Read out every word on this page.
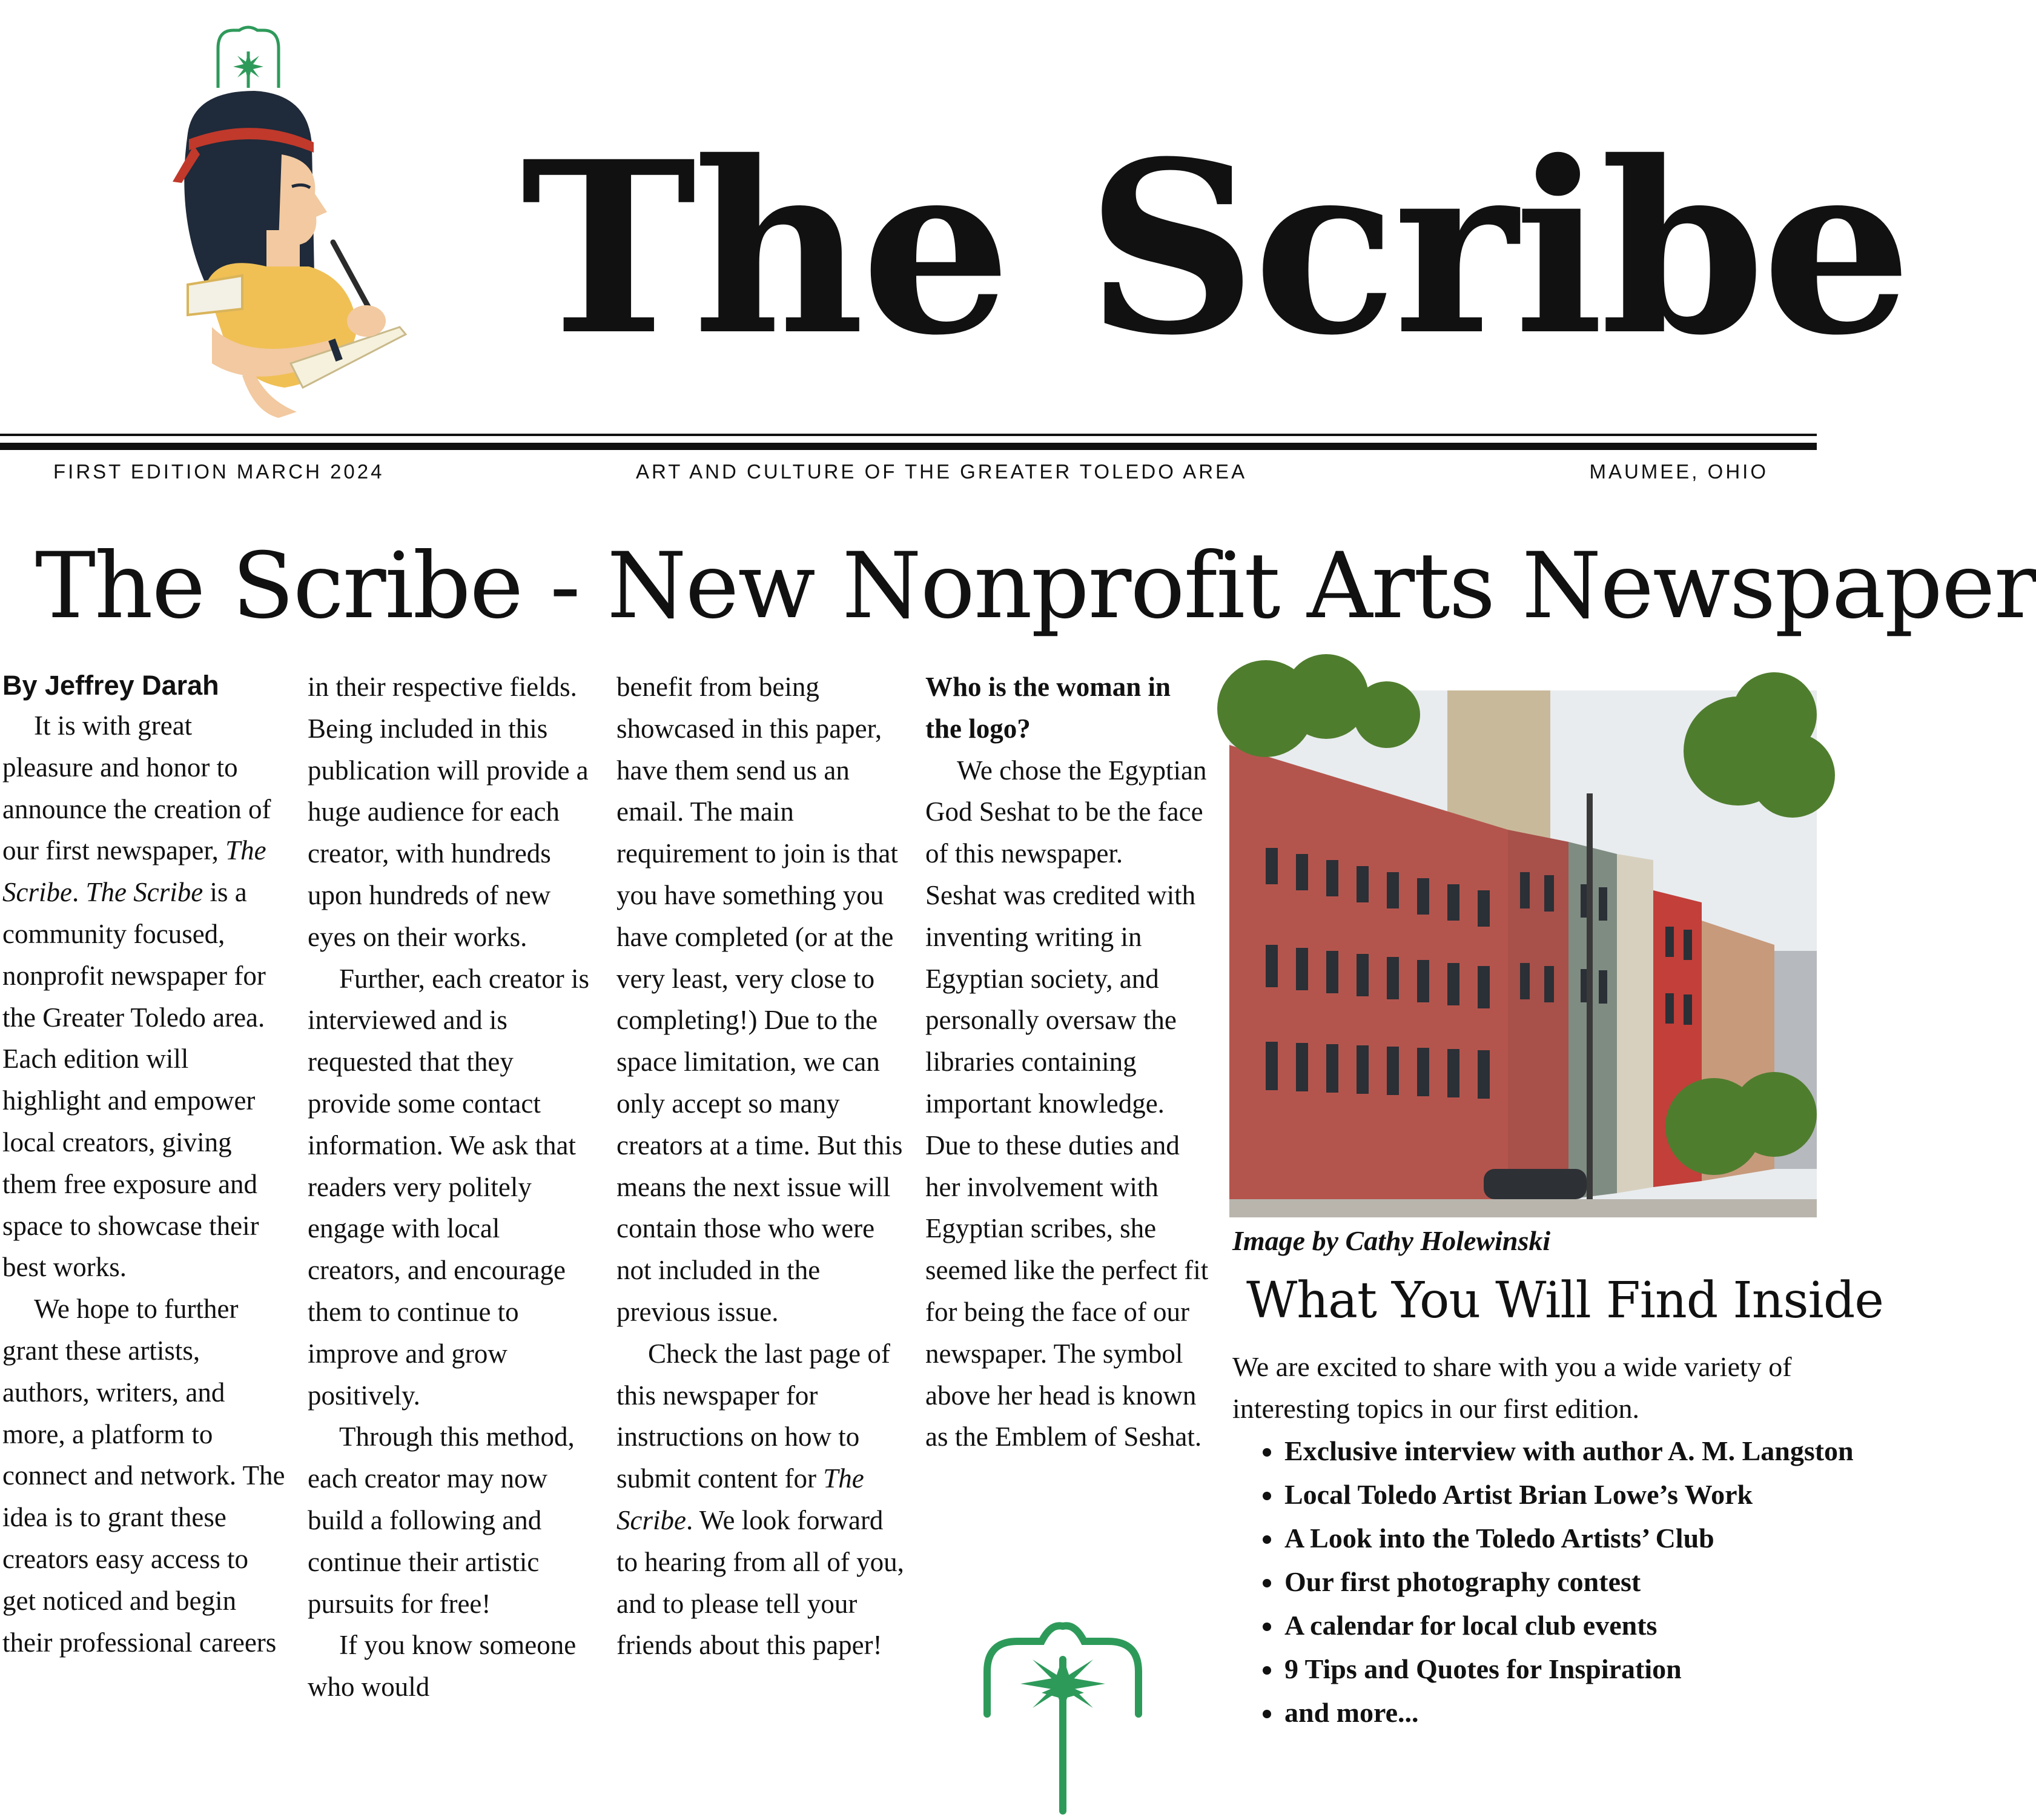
The Scribe
FIRST EDITION MARCH 2024	ART AND CULTURE OF THE GREATER TOLEDO AREA	MAUMEE, OHIO
The Scribe - New Nonprofit Arts Newspaper
By Jeffrey Darah

It is with great pleasure and honor to announce the creation of our first newspaper, The Scribe. The Scribe is a community focused, nonprofit newspaper for the Greater Toledo area. Each edition will highlight and empower local creators, giving them free exposure and space to showcase their best works.

We hope to further grant these artists, authors, writers, and more, a platform to connect and network. The idea is to grant these creators easy access to get noticed and begin their professional careers

in their respective fields. Being included in this publication will provide a huge audience for each creator, with hundreds upon hundreds of new eyes on their works.

Further, each creator is interviewed and is requested that they provide some contact information. We ask that readers very politely engage with local creators, and encourage them to continue to improve and grow positively.

Through this method, each creator may now build a following and continue their artistic pursuits for free!

If you know someone who would

benefit from being showcased in this paper, have them send us an email. The main requirement to join is that you have something you have completed (or at the very least, very close to completing!) Due to the space limitation, we can only accept so many creators at a time. But this means the next issue will contain those who were not included in the previous issue.

Check the last page of this newspaper for instructions on how to submit content for The Scribe. We look forward to hearing from all of you, and to please tell your friends about this paper!

Who is the woman in the logo?

We chose the Egyptian God Seshat to be the face of this newspaper.

Seshat was credited with inventing writing in Egyptian society, and personally oversaw the libraries containing important knowledge. Due to these duties and her involvement with Egyptian scribes, she seemed like the perfect fit for being the face of our newspaper. The symbol above her head is known as the Emblem of Seshat.

Image by Cathy Holewinski
What You Will Find Inside
We are excited to share with you a wide variety of interesting topics in our first edition.
• Exclusive interview with author A. M. Langston
• Local Toledo Artist Brian Lowe’s Work
• A Look into the Toledo Artists’ Club
• Our first photography contest
• A calendar for local club events
• 9 Tips and Quotes for Inspiration
• and more...
